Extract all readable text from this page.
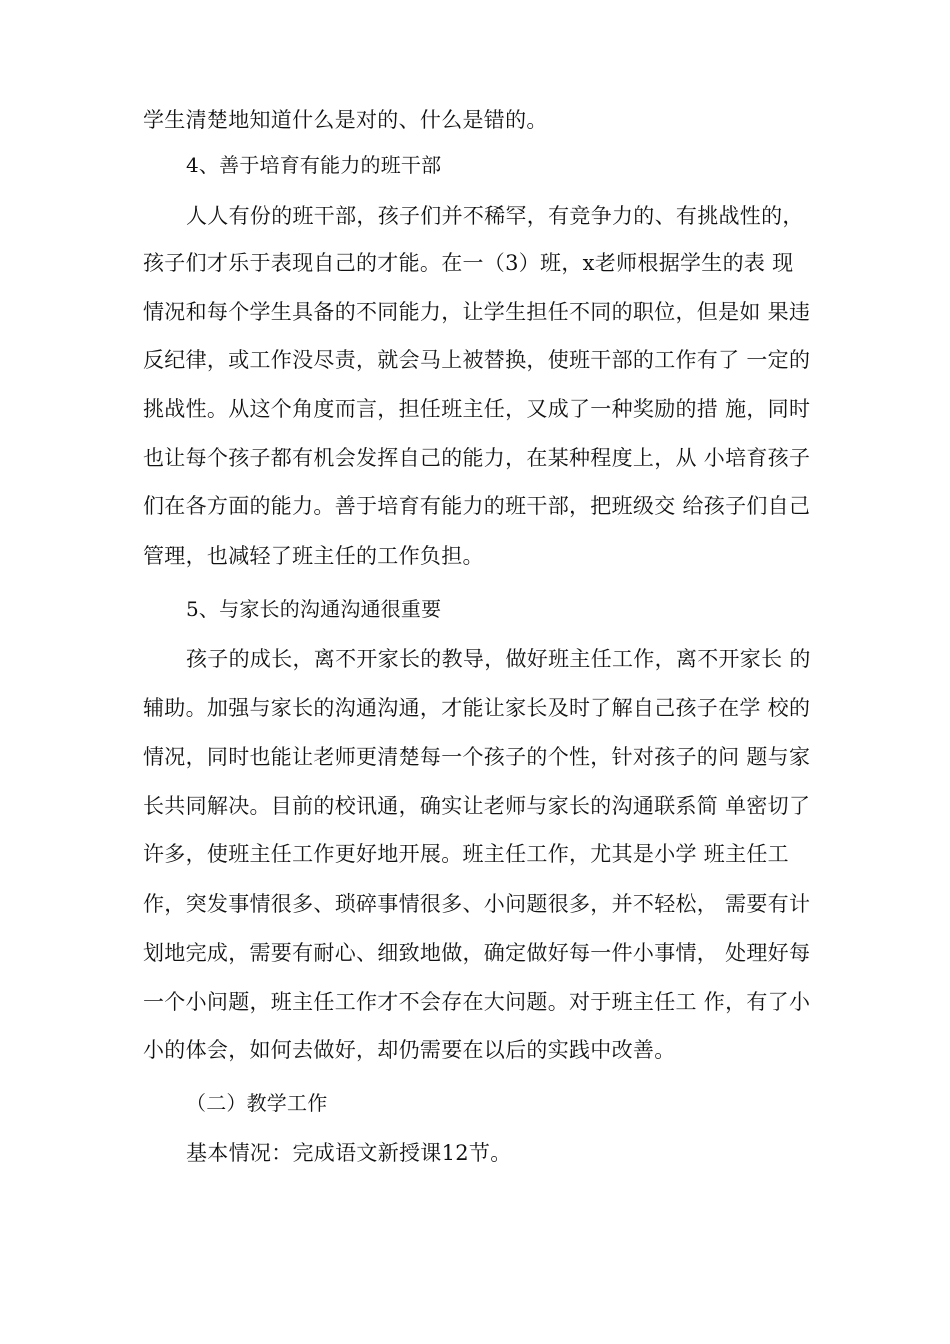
学生清楚地知道什么是对的、什么是错的。
4、善于培育有能力的班干部
人人有份的班干部，孩子们并不稀罕，有竞争力的、有挑战性的，
孩子们才乐于表现自己的才能。在一（3）班，x老师根据学生的表 现
情况和每个学生具备的不同能力，让学生担任不同的职位，但是如 果违
反纪律，或工作没尽责，就会马上被替换，使班干部的工作有了 一定的
挑战性。从这个角度而言，担任班主任，又成了一种奖励的措 施，同时
也让每个孩子都有机会发挥自己的能力，在某种程度上，从 小培育孩子
们在各方面的能力。善于培育有能力的班干部，把班级交 给孩子们自己
管理，也减轻了班主任的工作负担。
5、与家长的沟通沟通很重要
孩子的成长，离不开家长的教导，做好班主任工作，离不开家长 的
辅助。加强与家长的沟通沟通，才能让家长及时了解自己孩子在学 校的
情况，同时也能让老师更清楚每一个孩子的个性，针对孩子的问 题与家
长共同解决。目前的校讯通，确实让老师与家长的沟通联系简 单密切了
许多，使班主任工作更好地开展。班主任工作，尤其是小学 班主任工
作，突发事情很多、琐碎事情很多、小问题很多，并不轻松， 需要有计
划地完成，需要有耐心、细致地做，确定做好每一件小事情， 处理好每
一个小问题，班主任工作才不会存在大问题。对于班主任工 作，有了小
小的体会，如何去做好，却仍需要在以后的实践中改善。
（二）教学工作
基本情况：完成语文新授课12节。
